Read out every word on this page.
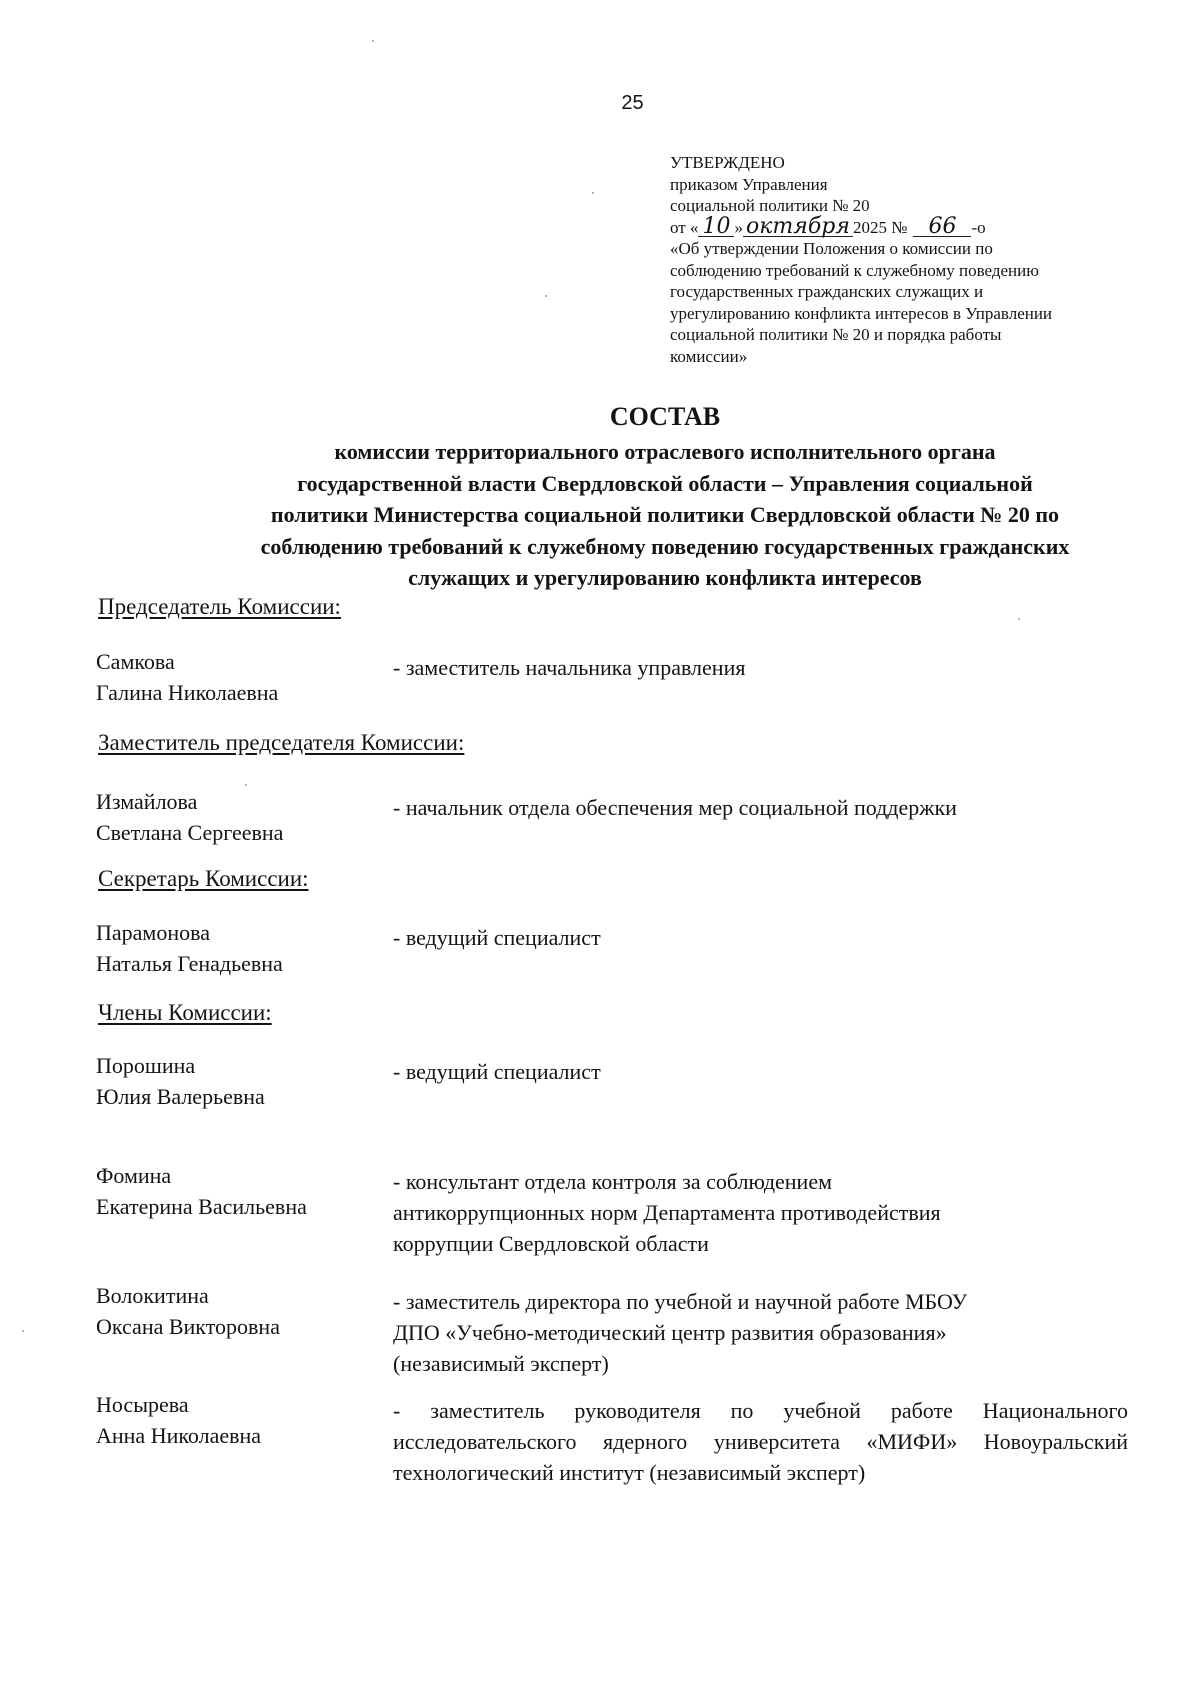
25
УТВЕРЖДЕНО
приказом Управления
социальной политики № 20
от « 10 » октября 2025 № 66 -о
«Об утверждении Положения о комиссии по
соблюдению требований к служебному поведению
государственных гражданских служащих и
урегулированию конфликта интересов в Управлении
социальной политики № 20 и порядка работы
комиссии»
СОСТАВ
комиссии территориального отраслевого исполнительного органа
государственной власти Свердловской области – Управления социальной
политики Министерства социальной политики Свердловской области № 20 по
соблюдению требований к служебному поведению государственных гражданских
служащих и урегулированию конфликта интересов
Председатель Комиссии:
Самкова
Галина Николаевна
- заместитель начальника управления
Заместитель председателя Комиссии:
Измайлова
Светлана Сергеевна
- начальник отдела обеспечения мер социальной поддержки
Секретарь Комиссии:
Парамонова
Наталья Генадьевна
- ведущий специалист
Члены Комиссии:
Порошина
Юлия Валерьевна
- ведущий специалист
Фомина
Екатерина Васильевна
- консультант отдела контроля за соблюдением
антикоррупционных норм Департамента противодействия
коррупции Свердловской области
Волокитина
Оксана Викторовна
- заместитель директора по учебной и научной работе МБОУ
ДПО «Учебно-методический центр развития образования»
(независимый эксперт)
Носырева
Анна Николаевна
- заместитель руководителя по учебной работе Национального исследовательского ядерного университета «МИФИ» Новоуральский технологический институт (независимый эксперт)
